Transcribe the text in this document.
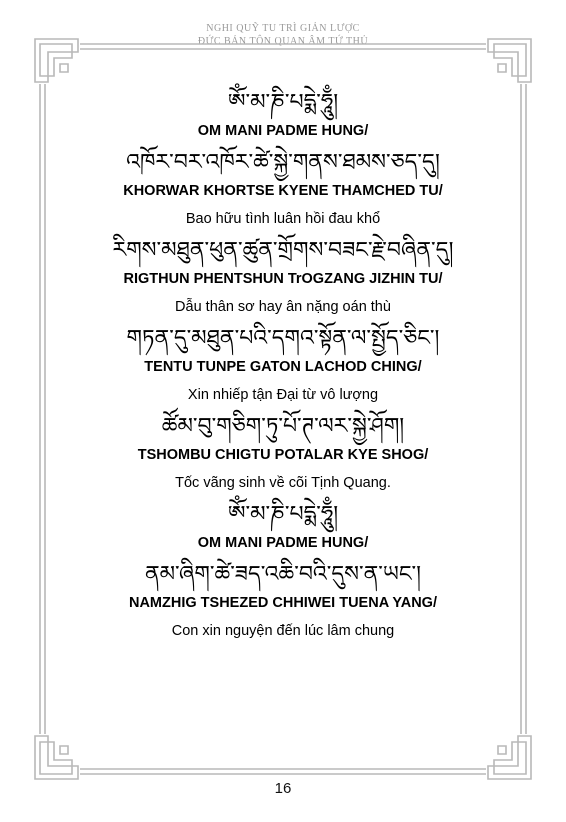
NGHI QUỸ TU TRÌ GIẢN LƯỢC
ĐỨC BẢN TÔN QUAN ÂM TỨ THỦ
ཨོཾ་མ་ཎི་པདྨེ་ཧཱུྃ།
OM MANI PADME HUNG/
འཁོར་བར་འཁོར་ཚེ་སྐྱེ་གནས་ཐམས་ཅད་དུ།
KHORWAR KHORTSE KYENE THAMCHED TU/
Bao hữu tình luân hồi đau khổ
རིགས་མཐུན་ཕུན་ཚུན་གྲོགས་བཟང་རྗེ་བཞིན་དུ།
RIGTHUN PHENTSHUN TrOGZANG JIZHIN TU/
Dẫu thân sơ hay ân nặng oán thù
གཏན་དུ་མཐུན་པའི་དགའ་སྟོན་ལ་སྤྱོད་ཅིང་།
TENTU TUNPE GATON LACHOD CHING/
Xin nhiếp tận Đại từ vô lượng
ཚོམ་བུ་གཅིག་ཏུ་པོ་ཊ་ལར་སྐྱེ་ཤོག།
TSHOMBU CHIGTU POTALAR KYE SHOG/
Tốc vãng sinh về cõi Tịnh Quang.
ཨོཾ་མ་ཎི་པདྨེ་ཧཱུྃ།
OM MANI PADME HUNG/
ནམ་ཞིག་ཚེ་ཟད་འཆི་བའི་དུས་ན་ཡང་།
NAMZHIG TSHEZED CHHIWEI TUENA YANG/
Con xin nguyện đến lúc lâm chung
16
